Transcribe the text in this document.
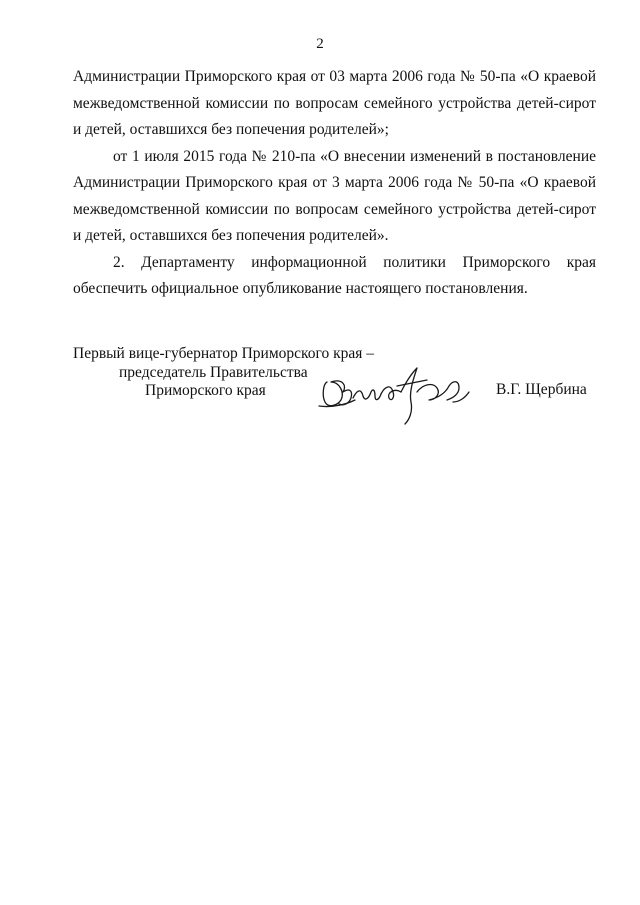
2

Администрации Приморского края от 03 марта 2006 года № 50-па «О краевой межведомственной комиссии по вопросам семейного устройства детей-сирот и детей, оставшихся без попечения родителей»;

от 1 июля 2015 года № 210-па «О внесении изменений в постановление Администрации Приморского края от 3 марта 2006 года № 50-па «О краевой межведомственной комиссии по вопросам семейного устройства детей-сирот и детей, оставшихся без попечения родителей».

2. Департаменту информационной политики Приморского края обеспечить официальное опубликование настоящего постановления.

Первый вице-губернатор Приморского края –
председатель Правительства
Приморского края	В.Г. Щербина
